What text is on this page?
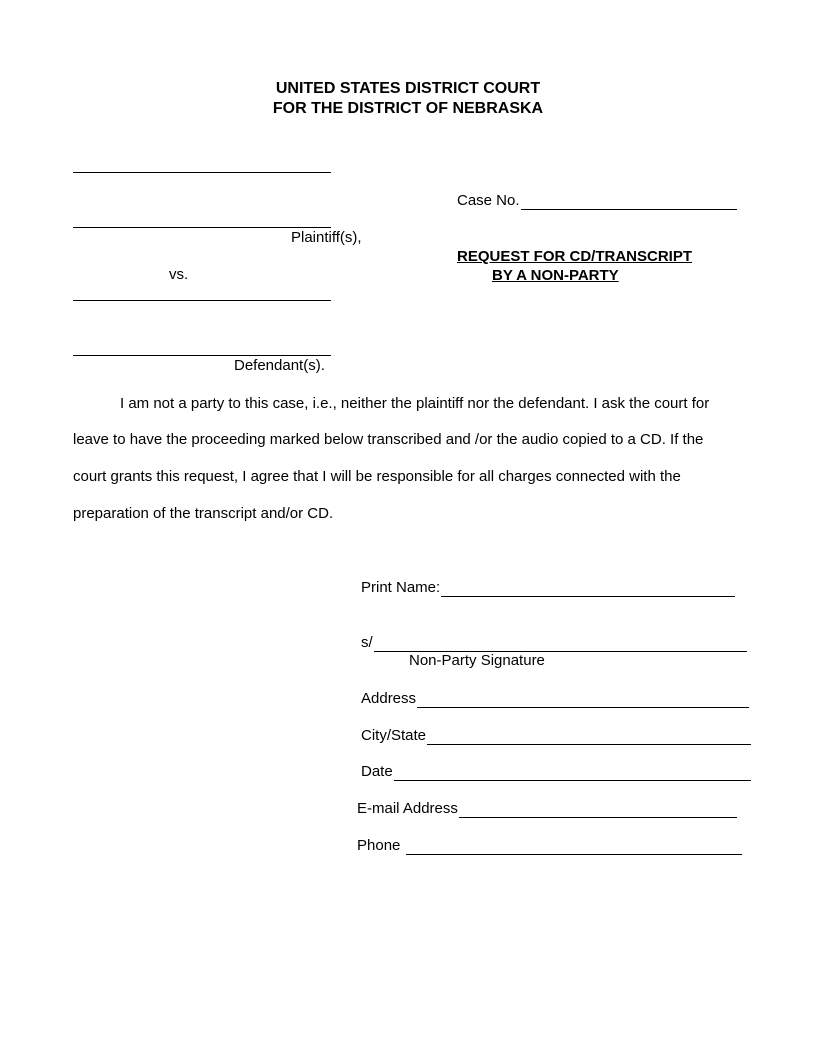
UNITED STATES DISTRICT COURT
FOR THE DISTRICT OF NEBRASKA
Plaintiff(s),
vs.
Defendant(s).
Case No.
REQUEST FOR CD/TRANSCRIPT
BY A NON-PARTY
I am not a party to this case, i.e., neither the plaintiff nor the defendant. I ask the court for
leave to have the proceeding marked below transcribed and /or the audio copied to a CD. If the
court grants this request, I agree that I will be responsible for all charges connected with the
preparation of the transcript and/or CD.
Print Name:
s/
Non-Party Signature
Address
City/State
Date
E-mail Address
Phone
